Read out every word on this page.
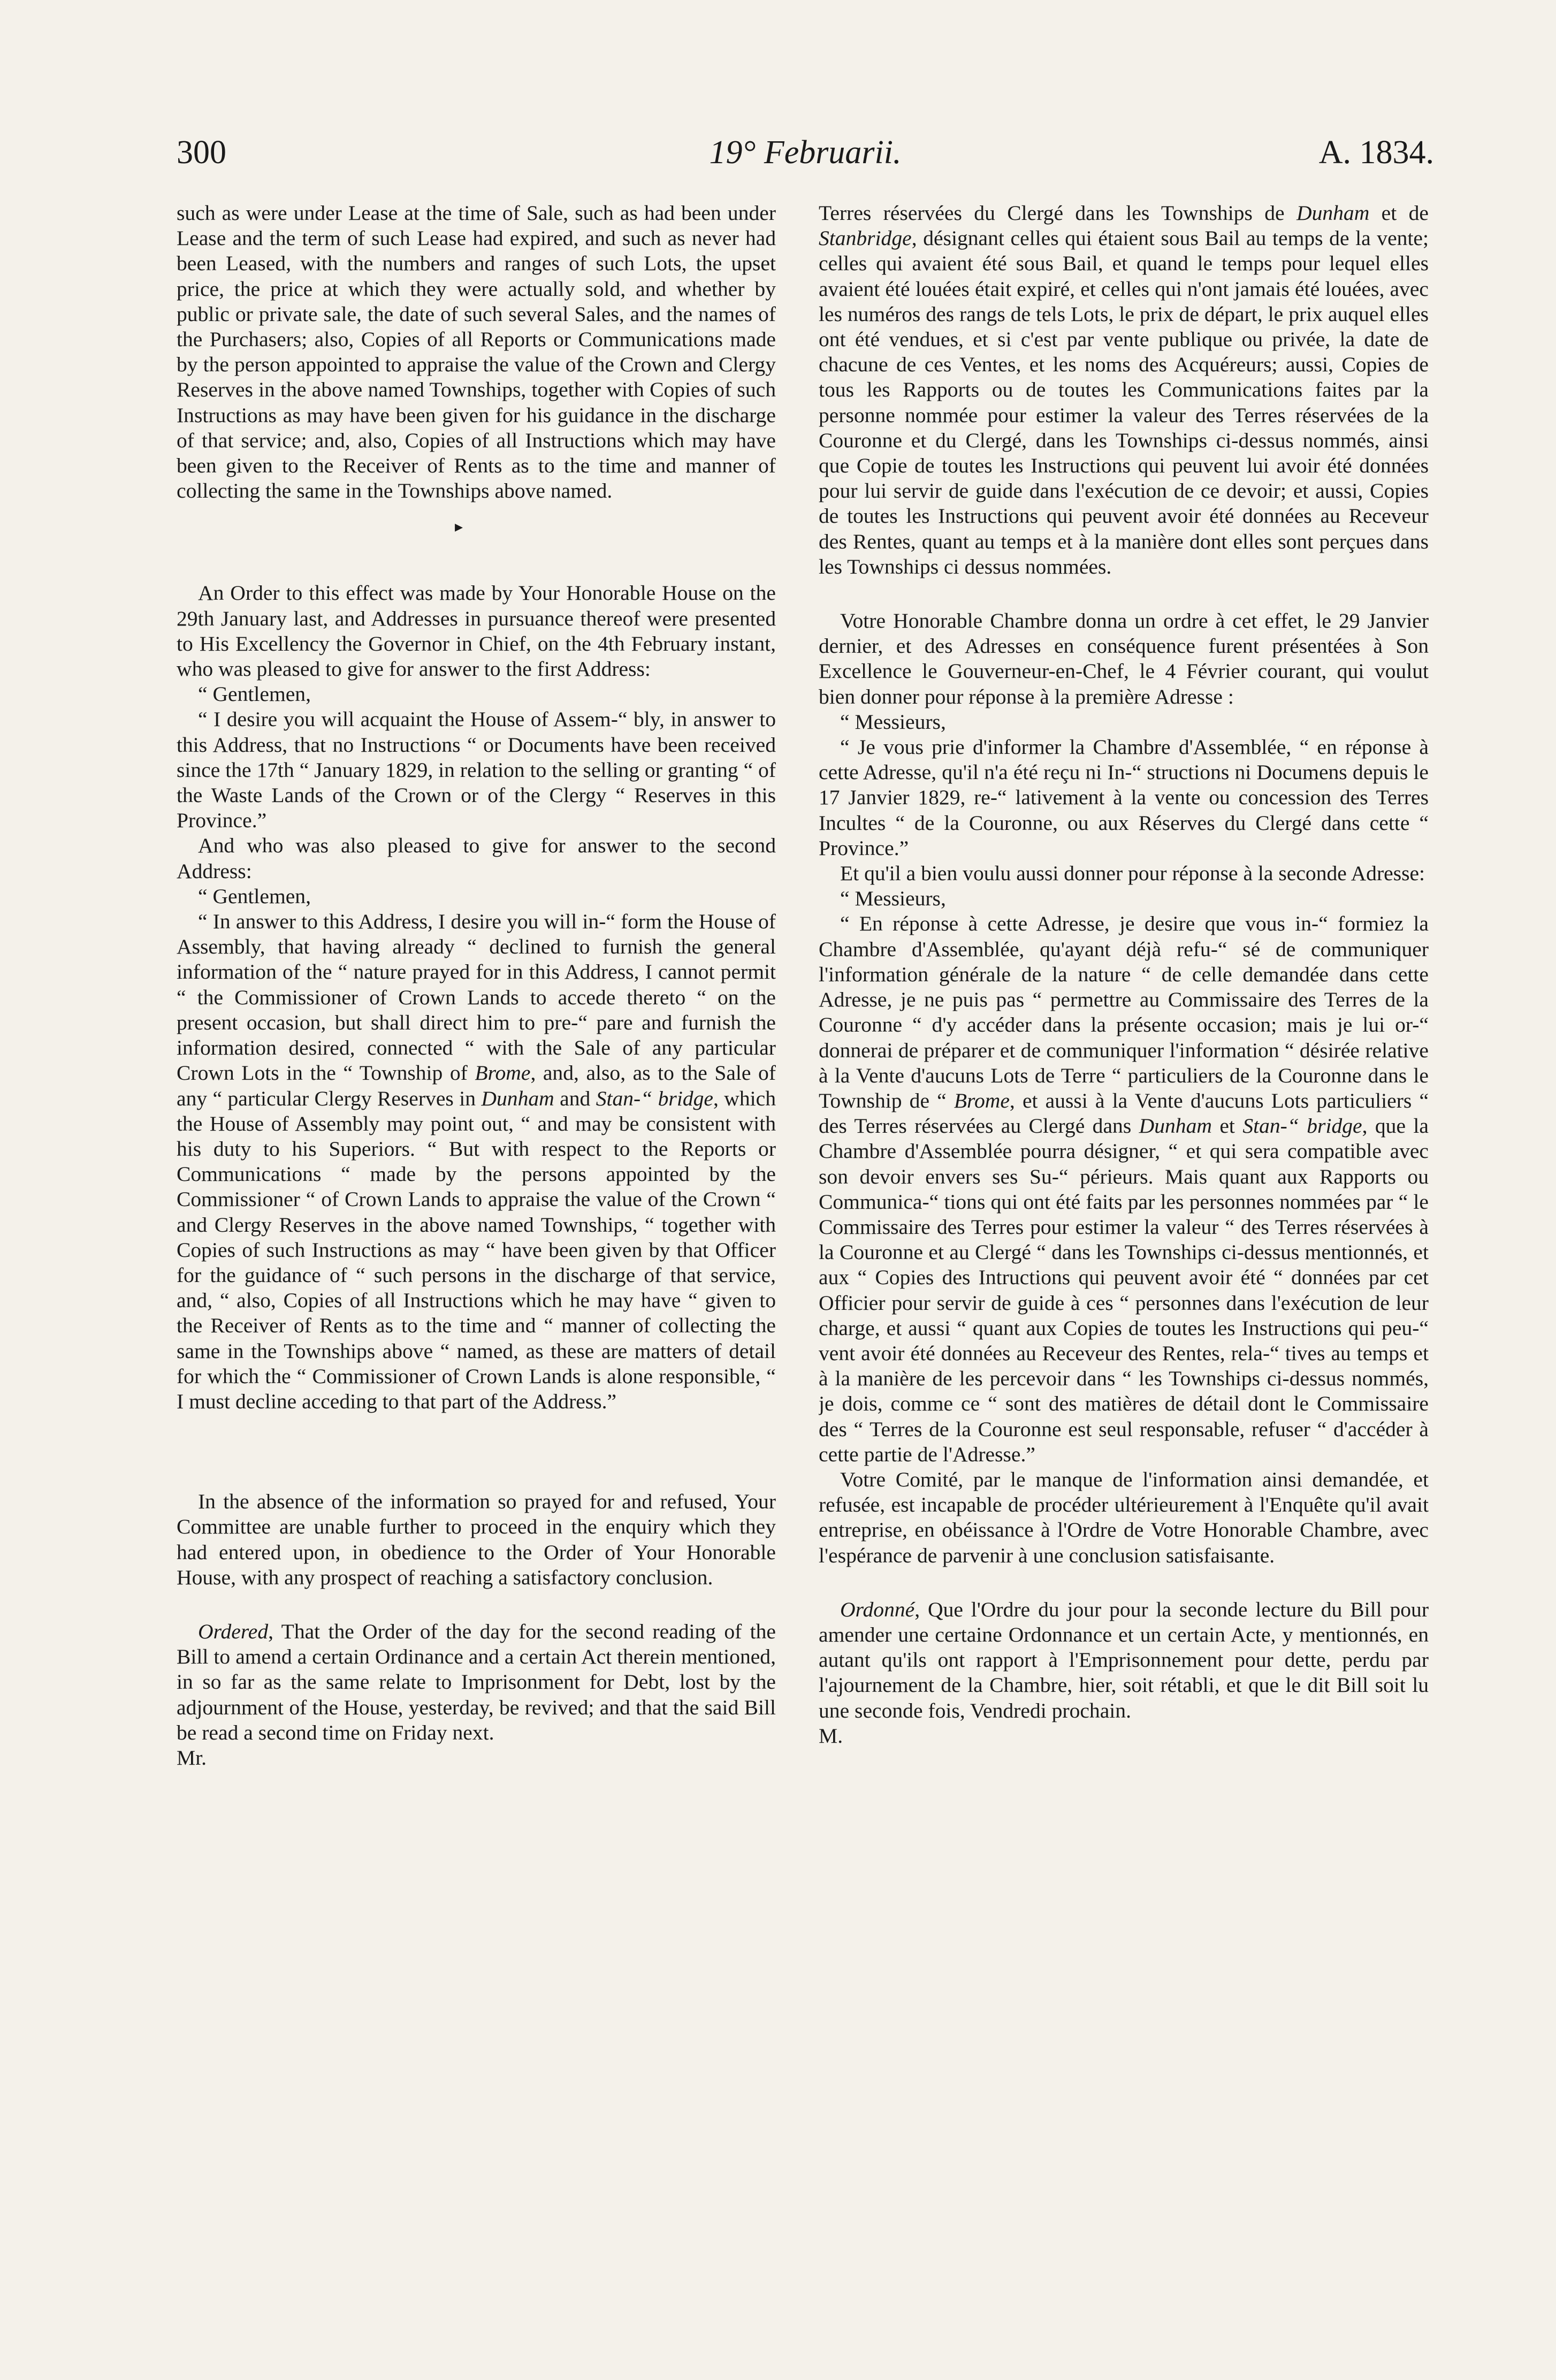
300	19° Februarii.	A. 1834.

such as were under Lease at the time of Sale, such as had been under Lease and the term of such Lease had expired, and such as never had been Leased, with the numbers and ranges of such Lots, the upset price, the price at which they were actually sold, and whether by public or private sale, the date of such several Sales, and the names of the Purchasers; also, Copies of all Reports or Communications made by the person appointed to appraise the value of the Crown and Clergy Reserves in the above named Townships, together with Copies of such Instructions as may have been given for his guidance in the discharge of that service; and, also, Copies of all Instructions which may have been given to the Receiver of Rents as to the time and manner of collecting the same in the Townships above named.

▸

An Order to this effect was made by Your Honorable House on the 29th January last, and Addresses in pursuance thereof were presented to His Excellency the Governor in Chief, on the 4th February instant, who was pleased to give for answer to the first Address:

“ Gentlemen,

“ I desire you will acquaint the House of Assem-“ bly, in answer to this Address, that no Instructions “ or Documents have been received since the 17th “ January 1829, in relation to the selling or granting “ of the Waste Lands of the Crown or of the Clergy “ Reserves in this Province.”

And who was also pleased to give for answer to the second Address:

“ Gentlemen,

“ In answer to this Address, I desire you will in-“ form the House of Assembly, that having already “ declined to furnish the general information of the “ nature prayed for in this Address, I cannot permit “ the Commissioner of Crown Lands to accede thereto “ on the present occasion, but shall direct him to pre-“ pare and furnish the information desired, connected “ with the Sale of any particular Crown Lots in the “ Township of Brome, and, also, as to the Sale of any “ particular Clergy Reserves in Dunham and Stan-“ bridge, which the House of Assembly may point out, “ and may be consistent with his duty to his Superiors. “ But with respect to the Reports or Communications “ made by the persons appointed by the Commissioner “ of Crown Lands to appraise the value of the Crown “ and Clergy Reserves in the above named Townships, “ together with Copies of such Instructions as may “ have been given by that Officer for the guidance of “ such persons in the discharge of that service, and, “ also, Copies of all Instructions which he may have “ given to the Receiver of Rents as to the time and “ manner of collecting the same in the Townships above “ named, as these are matters of detail for which the “ Commissioner of Crown Lands is alone responsible, “ I must decline acceding to that part of the Address.”

In the absence of the information so prayed for and refused, Your Committee are unable further to proceed in the enquiry which they had entered upon, in obedience to the Order of Your Honorable House, with any prospect of reaching a satisfactory conclusion.

Ordered, That the Order of the day for the second reading of the Bill to amend a certain Ordinance and a certain Act therein mentioned, in so far as the same relate to Imprisonment for Debt, lost by the adjournment of the House, yesterday, be revived; and that the said Bill be read a second time on Friday next.

Mr.

Terres réservées du Clergé dans les Townships de Dunham et de Stanbridge, désignant celles qui étaient sous Bail au temps de la vente; celles qui avaient été sous Bail, et quand le temps pour lequel elles avaient été louées était expiré, et celles qui n'ont jamais été louées, avec les numéros des rangs de tels Lots, le prix de départ, le prix auquel elles ont été vendues, et si c'est par vente publique ou privée, la date de chacune de ces Ventes, et les noms des Acquéreurs; aussi, Copies de tous les Rapports ou de toutes les Communications faites par la personne nommée pour estimer la valeur des Terres réservées de la Couronne et du Clergé, dans les Townships ci-dessus nommés, ainsi que Copie de toutes les Instructions qui peuvent lui avoir été données pour lui servir de guide dans l'exécution de ce devoir; et aussi, Copies de toutes les Instructions qui peuvent avoir été données au Receveur des Rentes, quant au temps et à la manière dont elles sont perçues dans les Townships ci dessus nommées.

Votre Honorable Chambre donna un ordre à cet effet, le 29 Janvier dernier, et des Adresses en conséquence furent présentées à Son Excellence le Gouverneur-en-Chef, le 4 Février courant, qui voulut bien donner pour réponse à la première Adresse :

“ Messieurs,

“ Je vous prie d'informer la Chambre d'Assemblée, “ en réponse à cette Adresse, qu'il n'a été reçu ni In-“ structions ni Documens depuis le 17 Janvier 1829, re-“ lativement à la vente ou concession des Terres Incultes “ de la Couronne, ou aux Réserves du Clergé dans cette “ Province.”

Et qu'il a bien voulu aussi donner pour réponse à la seconde Adresse:

“ Messieurs,

“ En réponse à cette Adresse, je desire que vous in-“ formiez la Chambre d'Assemblée, qu'ayant déjà refu-“ sé de communiquer l'information générale de la nature “ de celle demandée dans cette Adresse, je ne puis pas “ permettre au Commissaire des Terres de la Couronne “ d'y accéder dans la présente occasion; mais je lui or-“ donnerai de préparer et de communiquer l'information “ désirée relative à la Vente d'aucuns Lots de Terre “ particuliers de la Couronne dans le Township de “ Brome, et aussi à la Vente d'aucuns Lots particuliers “ des Terres réservées au Clergé dans Dunham et Stan-“ bridge, que la Chambre d'Assemblée pourra désigner, “ et qui sera compatible avec son devoir envers ses Su-“ périeurs. Mais quant aux Rapports ou Communica-“ tions qui ont été faits par les personnes nommées par “ le Commissaire des Terres pour estimer la valeur “ des Terres réservées à la Couronne et au Clergé “ dans les Townships ci-dessus mentionnés, et aux “ Copies des Intructions qui peuvent avoir été “ données par cet Officier pour servir de guide à ces “ personnes dans l'exécution de leur charge, et aussi “ quant aux Copies de toutes les Instructions qui peu-“ vent avoir été données au Receveur des Rentes, rela-“ tives au temps et à la manière de les percevoir dans “ les Townships ci-dessus nommés, je dois, comme ce “ sont des matières de détail dont le Commissaire des “ Terres de la Couronne est seul responsable, refuser “ d'accéder à cette partie de l'Adresse.”

Votre Comité, par le manque de l'information ainsi demandée, et refusée, est incapable de procéder ultérieurement à l'Enquête qu'il avait entreprise, en obéissance à l'Ordre de Votre Honorable Chambre, avec l'espérance de parvenir à une conclusion satisfaisante.

Ordonné, Que l'Ordre du jour pour la seconde lecture du Bill pour amender une certaine Ordonnance et un certain Acte, y mentionnés, en autant qu'ils ont rapport à l'Emprisonnement pour dette, perdu par l'ajournement de la Chambre, hier, soit rétabli, et que le dit Bill soit lu une seconde fois, Vendredi prochain.

M.
